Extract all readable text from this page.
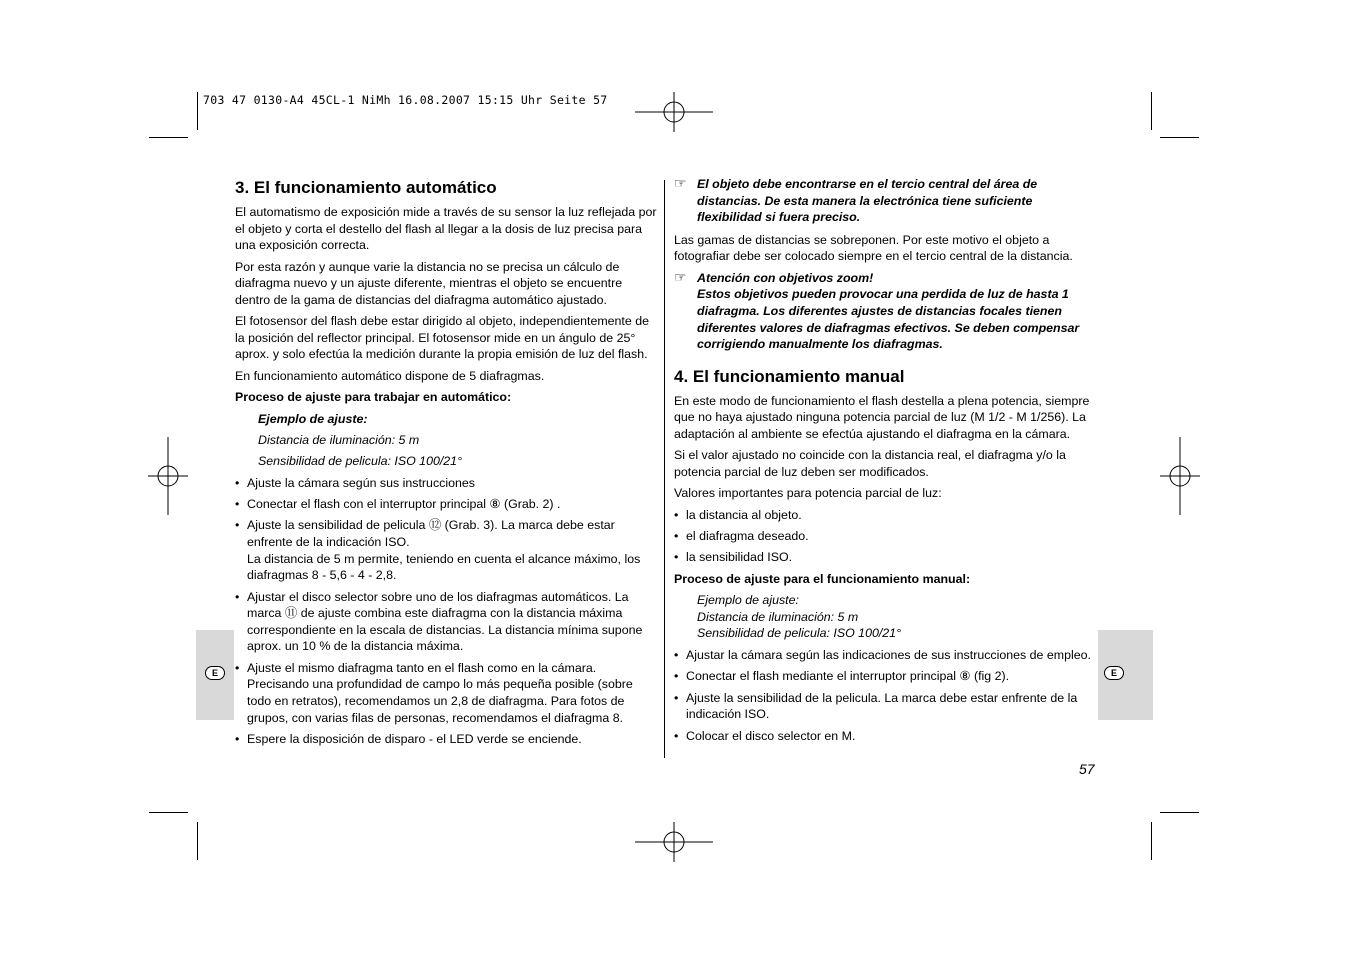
703 47 0130-A4 45CL-1 NiMh 16.08.2007 15:15 Uhr Seite 57
E	E
3. El funcionamiento automático

El automatismo de exposición mide a través de su sensor la luz reflejada por el objeto y corta el destello del flash al llegar a la dosis de luz precisa para una exposición correcta.

Por esta razón y aunque varie la distancia no se precisa un cálculo de diafragma nuevo y un ajuste diferente, mientras el objeto se encuentre dentro de la gama de distancias del diafragma automático ajustado.

El fotosensor del flash debe estar dirigido al objeto, independientemente de la posición del reflector principal. El fotosensor mide en un ángulo de 25° aprox. y solo efectúa la medición durante la propia emisión de luz del flash.

En funcionamiento automático dispone de 5 diafragmas.

Proceso de ajuste para trabajar en automático:

Ejemplo de ajuste:

Distancia de iluminación: 5 m

Sensibilidad de pelicula: ISO 100/21°

• Ajuste la cámara según sus instrucciones
• Conectar el flash con el interruptor principal ⑧ (Grab. 2) .
• Ajuste la sensibilidad de pelicula ⑫ (Grab. 3). La marca debe estar enfrente de la indicación ISO.
La distancia de 5 m permite, teniendo en cuenta el alcance máximo, los diafragmas 8 - 5,6 - 4 - 2,8.
• Ajustar el disco selector sobre uno de los diafragmas automáticos. La marca ⑪ de ajuste combina este diafragma con la distancia máxima correspondiente en la escala de distancias. La distancia mínima supone aprox. un 10 % de la distancia máxima.
• Ajuste el mismo diafragma tanto en el flash como en la cámara. Precisando una profundidad de campo lo más pequeña posible (sobre todo en retratos), recomendamos un 2,8 de diafragma. Para fotos de grupos, con varias filas de personas, recomendamos el diafragma 8.
• Espere la disposición de disparo - el LED verde se enciende.
☞ El objeto debe encontrarse en el tercio central del área de distancias. De esta manera la electrónica tiene suficiente flexibilidad si fuera preciso.

Las gamas de distancias se sobreponen. Por este motivo el objeto a fotografiar debe ser colocado siempre en el tercio central de la distancia.

☞ Atención con objetivos zoom!
Estos objetivos pueden provocar una perdida de luz de hasta 1 diafragma. Los diferentes ajustes de distancias focales tienen diferentes valores de diafragmas efectivos. Se deben compensar corrigiendo manualmente los diafragmas.
4. El funcionamiento manual

En este modo de funcionamiento el flash destella a plena potencia, siempre que no haya ajustado ninguna potencia parcial de luz (M 1/2 - M 1/256). La adaptación al ambiente se efectúa ajustando el diafragma en la cámara.

Si el valor ajustado no coincide con la distancia real, el diafragma y/o la potencia parcial de luz deben ser modificados.

Valores importantes para potencia parcial de luz:

• la distancia al objeto.
• el diafragma deseado.
• la sensibilidad ISO.

Proceso de ajuste para el funcionamiento manual:

Ejemplo de ajuste:
Distancia de iluminación: 5 m
Sensibilidad de pelicula: ISO 100/21°
• Ajustar la cámara según las indicaciones de sus instrucciones de empleo.
• Conectar el flash mediante el interruptor principal ⑧ (fig 2).
• Ajuste la sensibilidad de la pelicula. La marca debe estar enfrente de la indicación ISO.
• Colocar el disco selector en M.
57
